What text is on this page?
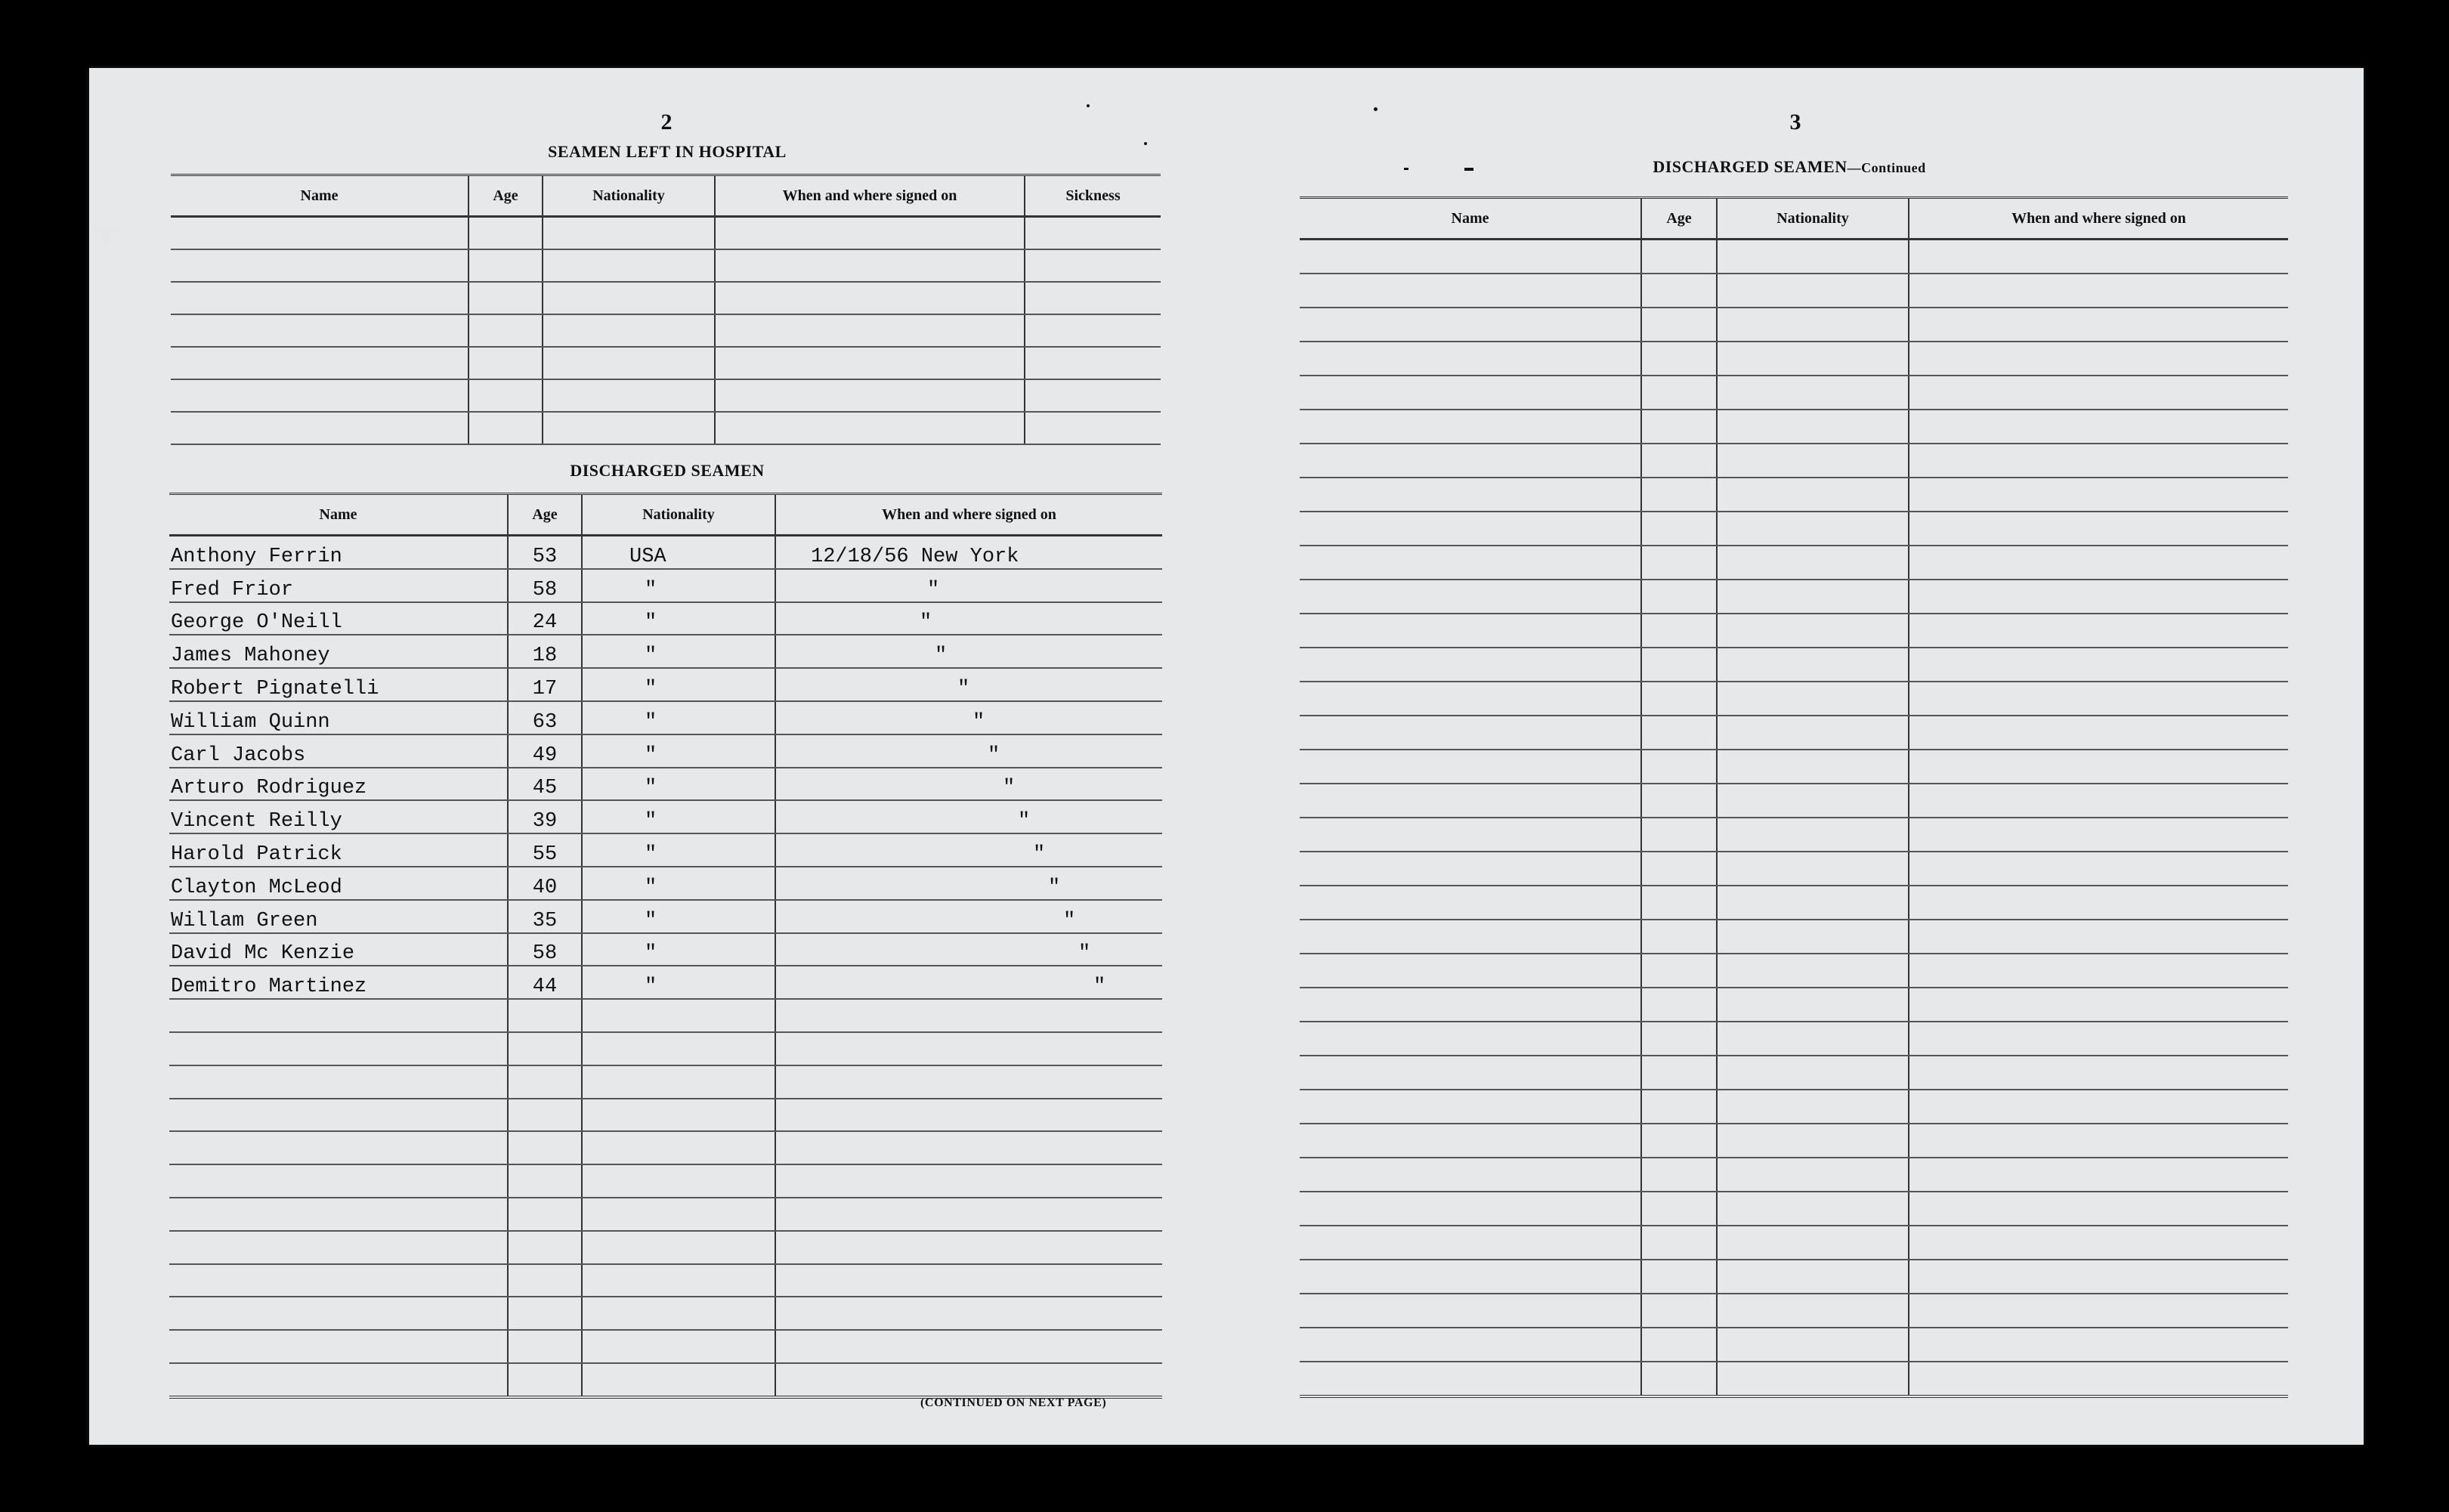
2
SEAMEN LEFT IN HOSPITAL
Name	Age	Nationality	When and where signed on	Sickness

DISCHARGED SEAMEN
Name	Age	Nationality	When and where signed on
Anthony Ferrin	53	USA	12/18/56 New York
Fred Frior	58	"	"
George O'Neill	24	"	"
James Mahoney	18	"	"
Robert Pignatelli	17	"	"
William Quinn	63	"	"
Carl Jacobs	49	"	"
Arturo Rodriguez	45	"	"
Vincent Reilly	39	"	"
Harold Patrick	55	"	"
Clayton McLeod	40	"	"
Willam Green	35	"	"
David Mc Kenzie	58	"	"
Demitro Martinez	44	"	"

(CONTINUED ON NEXT PAGE)
3
DISCHARGED SEAMEN—Continued
Name	Age	Nationality	When and where signed on
